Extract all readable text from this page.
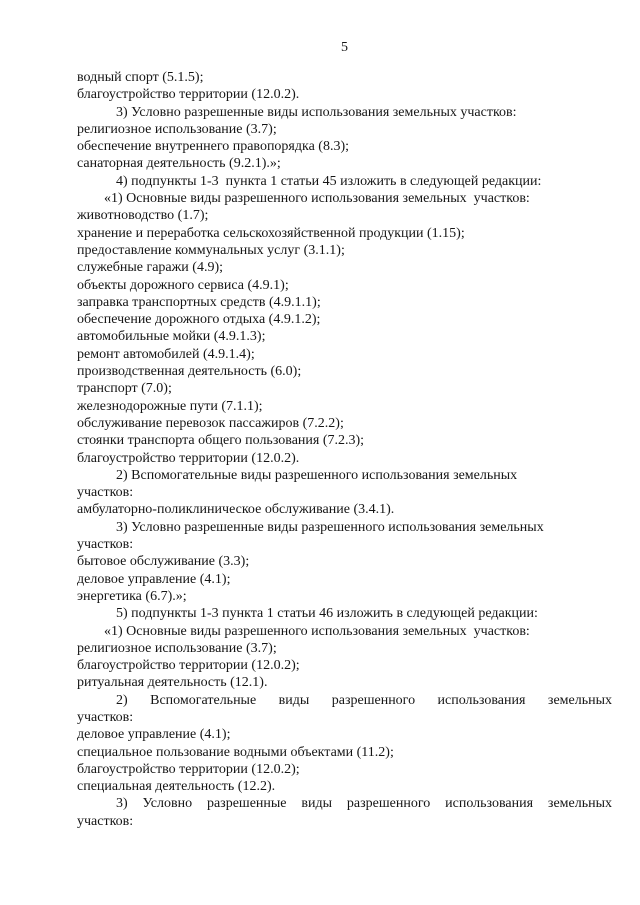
5
водный спорт (5.1.5);
благоустройство территории (12.0.2).
3) Условно разрешенные виды использования земельных участков:
религиозное использование (3.7);
обеспечение внутреннего правопорядка (8.3);
санаторная деятельность (9.2.1).»;
4) подпункты 1-3  пункта 1 статьи 45 изложить в следующей редакции:
«1) Основные виды разрешенного использования земельных  участков:
животноводство (1.7);
хранение и переработка сельскохозяйственной продукции (1.15);
предоставление коммунальных услуг (3.1.1);
служебные гаражи (4.9);
объекты дорожного сервиса (4.9.1);
заправка транспортных средств (4.9.1.1);
обеспечение дорожного отдыха (4.9.1.2);
автомобильные мойки (4.9.1.3);
ремонт автомобилей (4.9.1.4);
производственная деятельность (6.0);
транспорт (7.0);
железнодорожные пути (7.1.1);
обслуживание перевозок пассажиров (7.2.2);
стоянки транспорта общего пользования (7.2.3);
благоустройство территории (12.0.2).
2) Вспомогательные виды разрешенного использования земельных
участков:
амбулаторно-поликлиническое обслуживание (3.4.1).
3) Условно разрешенные виды разрешенного использования земельных
участков:
бытовое обслуживание (3.3);
деловое управление (4.1);
энергетика (6.7).»;
5) подпункты 1-3 пункта 1 статьи 46 изложить в следующей редакции:
«1) Основные виды разрешенного использования земельных  участков:
религиозное использование (3.7);
благоустройство территории (12.0.2);
ритуальная деятельность (12.1).
2) Вспомогательные виды разрешенного использования земельных
участков:
деловое управление (4.1);
специальное пользование водными объектами (11.2);
благоустройство территории (12.0.2);
специальная деятельность (12.2).
3) Условно разрешенные виды разрешенного использования земельных
участков:
